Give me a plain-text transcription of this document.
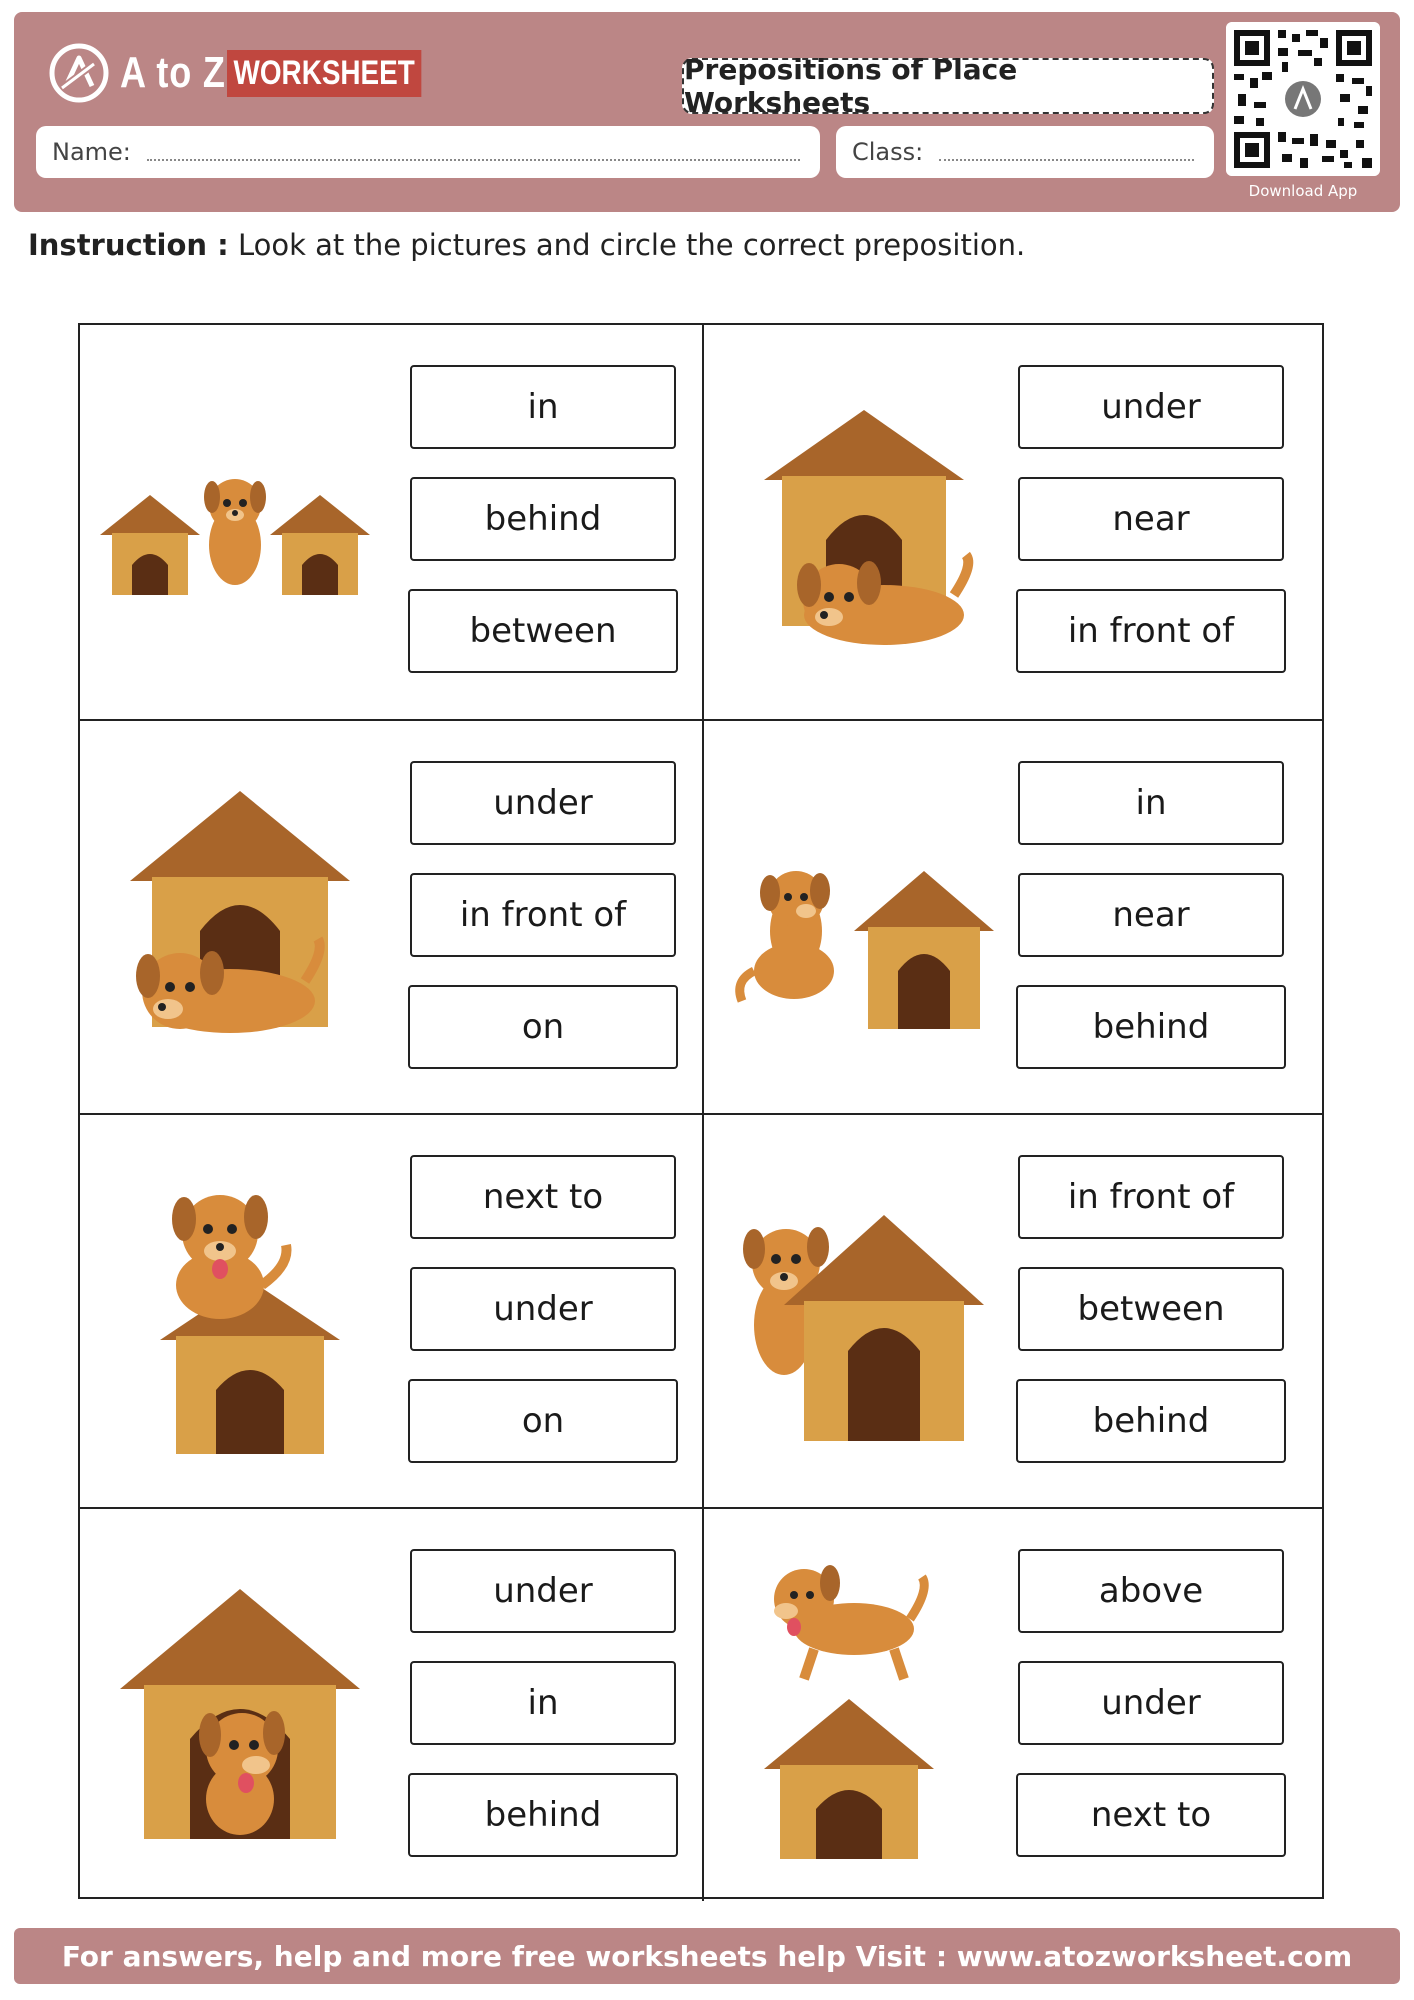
A to Z WORKSHEET	Prepositions of Place Worksheets
Name:	Class:
Download App
Instruction : Look at the pictures and circle the correct preposition.
in
behind
between
under
near
in front of
under
in front of
on
in
near
behind
next to
under
on
in front of
between
behind
under
in
behind
above
under
next to
For answers, help and more free worksheets help Visit : www.atozworksheet.com
